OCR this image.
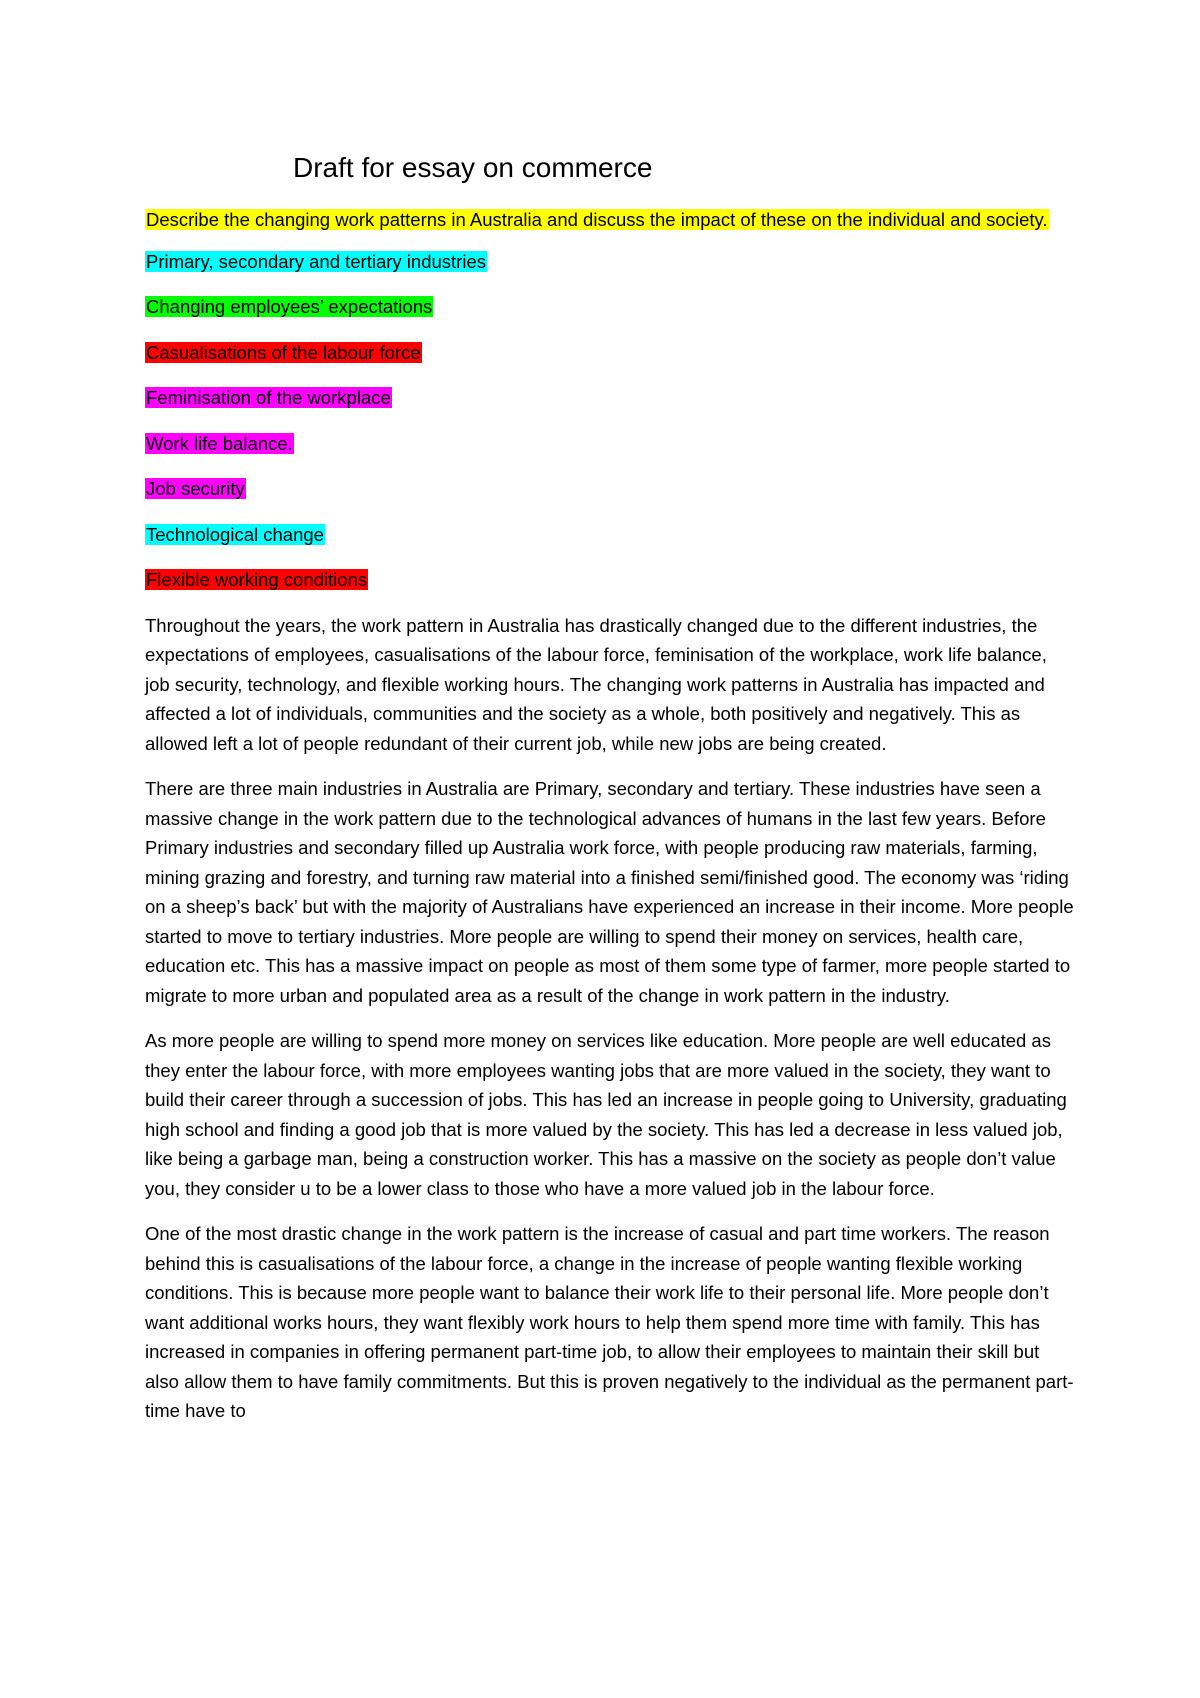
Draft for essay on commerce

Describe the changing work patterns in Australia and discuss the impact of these on the individual and society.

Primary, secondary and tertiary industries
Changing employees’ expectations
Casualisations of the labour force
Feminisation of the workplace
Work life balance.
Job security
Technological change
Flexible working conditions

Throughout the years, the work pattern in Australia has drastically changed due to the different industries, the expectations of employees, casualisations of the labour force, feminisation of the workplace, work life balance, job security, technology, and flexible working hours. The changing work patterns in Australia has impacted and affected a lot of individuals, communities and the society as a whole, both positively and negatively. This as allowed left a lot of people redundant of their current job, while new jobs are being created.

There are three main industries in Australia are Primary, secondary and tertiary. These industries have seen a massive change in the work pattern due to the technological advances of humans in the last few years. Before Primary industries and secondary filled up Australia work force, with people producing raw materials, farming, mining grazing and forestry, and turning raw material into a finished semi/finished good. The economy was ‘riding on a sheep’s back’ but with the majority of Australians have experienced an increase in their income. More people started to move to tertiary industries. More people are willing to spend their money on services, health care, education etc. This has a massive impact on people as most of them some type of farmer, more people started to migrate to more urban and populated area as a result of the change in work pattern in the industry.

As more people are willing to spend more money on services like education. More people are well educated as they enter the labour force, with more employees wanting jobs that are more valued in the society, they want to build their career through a succession of jobs. This has led an increase in people going to University, graduating high school and finding a good job that is more valued by the society. This has led a decrease in less valued job, like being a garbage man, being a construction worker. This has a massive on the society as people don’t value you, they consider u to be a lower class to those who have a more valued job in the labour force.

One of the most drastic change in the work pattern is the increase of casual and part time workers. The reason behind this is casualisations of the labour force, a change in the increase of people wanting flexible working conditions. This is because more people want to balance their work life to their personal life. More people don’t want additional works hours, they want flexibly work hours to help them spend more time with family. This has increased in companies in offering permanent part-time job, to allow their employees to maintain their skill but also allow them to have family commitments. But this is proven negatively to the individual as the permanent part-time have to
